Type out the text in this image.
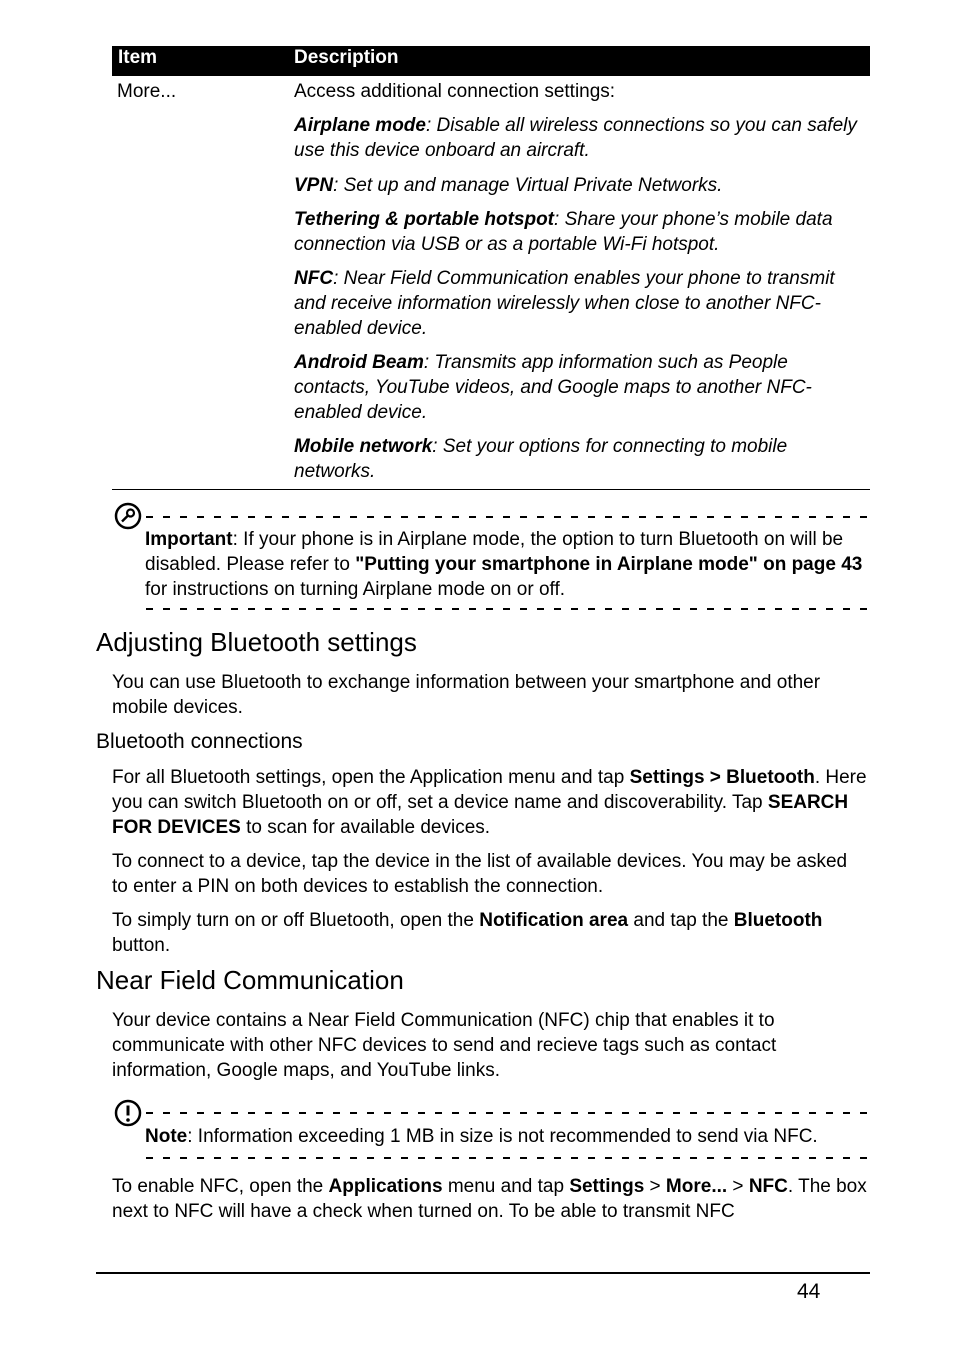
Item	Description
More...	Access additional connection settings:
Airplane mode: Disable all wireless connections so you can safely use this device onboard an aircraft.
VPN: Set up and manage Virtual Private Networks.
Tethering & portable hotspot: Share your phone’s mobile data connection via USB or as a portable Wi-Fi hotspot.
NFC: Near Field Communication enables your phone to transmit and receive information wirelessly when close to another NFC-enabled device.
Android Beam: Transmits app information such as People contacts, YouTube videos, and Google maps to another NFC-enabled device.
Mobile network: Set your options for connecting to mobile networks.
Important: If your phone is in Airplane mode, the option to turn Bluetooth on will be disabled. Please refer to "Putting your smartphone in Airplane mode" on page 43 for instructions on turning Airplane mode on or off.
Adjusting Bluetooth settings

You can use Bluetooth to exchange information between your smartphone and other mobile devices.

Bluetooth connections

For all Bluetooth settings, open the Application menu and tap Settings > Bluetooth. Here you can switch Bluetooth on or off, set a device name and discoverability. Tap SEARCH FOR DEVICES to scan for available devices.

To connect to a device, tap the device in the list of available devices. You may be asked to enter a PIN on both devices to establish the connection.

To simply turn on or off Bluetooth, open the Notification area and tap the Bluetooth button.

Near Field Communication

Your device contains a Near Field Communication (NFC) chip that enables it to communicate with other NFC devices to send and recieve tags such as contact information, Google maps, and YouTube links.

Note: Information exceeding 1 MB in size is not recommended to send via NFC.

To enable NFC, open the Applications menu and tap Settings > More... > NFC. The box next to NFC will have a check when turned on. To be able to transmit NFC

44
